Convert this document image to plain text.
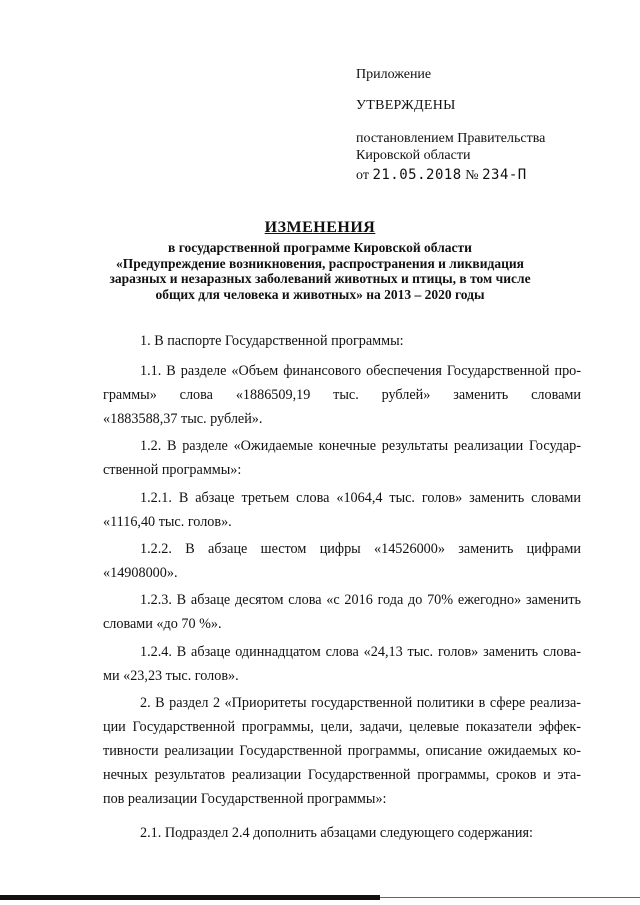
Приложение
УТВЕРЖДЕНЫ
постановлением Правительства
Кировской области
от 21.05.2018 № 234-П
ИЗМЕНЕНИЯ
в государственной программе Кировской области
«Предупреждение возникновения, распространения и ликвидация
заразных и незаразных заболеваний животных и птицы, в том числе
общих для человека и животных» на 2013 – 2020 годы
1. В паспорте Государственной программы:
1.1. В разделе «Объем финансового обеспечения Государственной про-
граммы» слова «1886509,19 тыс. рублей» заменить словами
«1883588,37 тыс. рублей».
1.2. В разделе «Ожидаемые конечные результаты реализации Государ-
ственной программы»:
1.2.1. В абзаце третьем слова «1064,4 тыс. голов» заменить словами
«1116,40 тыс. голов».
1.2.2. В абзаце шестом цифры «14526000» заменить цифрами
«14908000».
1.2.3. В абзаце десятом слова «с 2016 года до 70% ежегодно» заменить
словами «до 70 %».
1.2.4. В абзаце одиннадцатом слова «24,13 тыс. голов» заменить слова-
ми «23,23 тыс. голов».
2. В раздел 2 «Приоритеты государственной политики в сфере реализа-
ции Государственной программы, цели, задачи, целевые показатели эффек-
тивности реализации Государственной программы, описание ожидаемых ко-
нечных результатов реализации Государственной программы, сроков и эта-
пов реализации Государственной программы»:
2.1. Подраздел 2.4 дополнить абзацами следующего содержания:
